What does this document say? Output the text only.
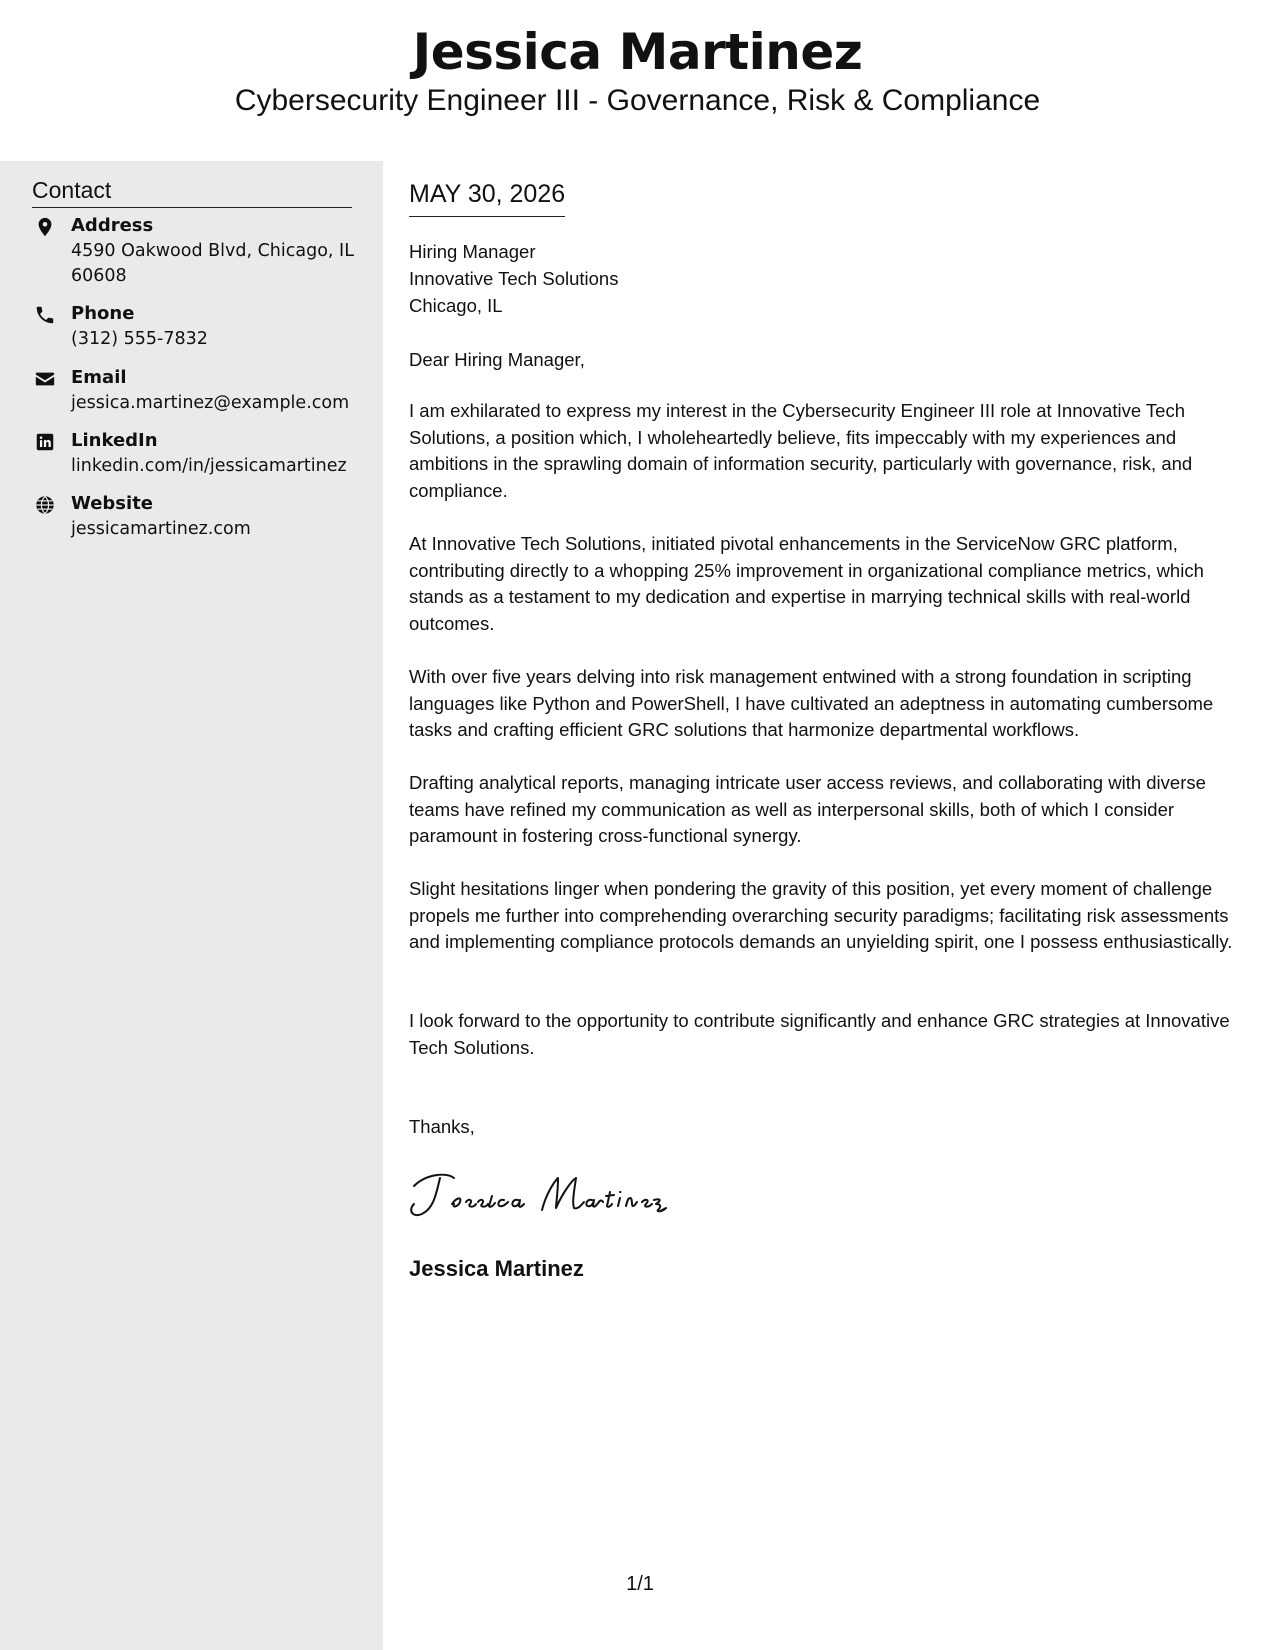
Jessica Martinez
Cybersecurity Engineer III - Governance, Risk & Compliance
Contact
Address
4590 Oakwood Blvd, Chicago, IL 60608
Phone
(312) 555-7832
Email
jessica.martinez@example.com
LinkedIn
linkedin.com/in/jessicamartinez
Website
jessicamartinez.com
MAY 30, 2026
Hiring Manager
Innovative Tech Solutions
Chicago, IL
Dear Hiring Manager,
I am exhilarated to express my interest in the Cybersecurity Engineer III role at Innovative Tech Solutions, a position which, I wholeheartedly believe, fits impeccably with my experiences and ambitions in the sprawling domain of information security, particularly with governance, risk, and compliance.
At Innovative Tech Solutions, initiated pivotal enhancements in the ServiceNow GRC platform, contributing directly to a whopping 25% improvement in organizational compliance metrics, which stands as a testament to my dedication and expertise in marrying technical skills with real-world outcomes.
With over five years delving into risk management entwined with a strong foundation in scripting languages like Python and PowerShell, I have cultivated an adeptness in automating cumbersome tasks and crafting efficient GRC solutions that harmonize departmental workflows.
Drafting analytical reports, managing intricate user access reviews, and collaborating with diverse teams have refined my communication as well as interpersonal skills, both of which I consider paramount in fostering cross-functional synergy.
Slight hesitations linger when pondering the gravity of this position, yet every moment of challenge propels me further into comprehending overarching security paradigms; facilitating risk assessments and implementing compliance protocols demands an unyielding spirit, one I possess enthusiastically.
I look forward to the opportunity to contribute significantly and enhance GRC strategies at Innovative Tech Solutions.
Thanks,
Jessica Martinez
1/1
